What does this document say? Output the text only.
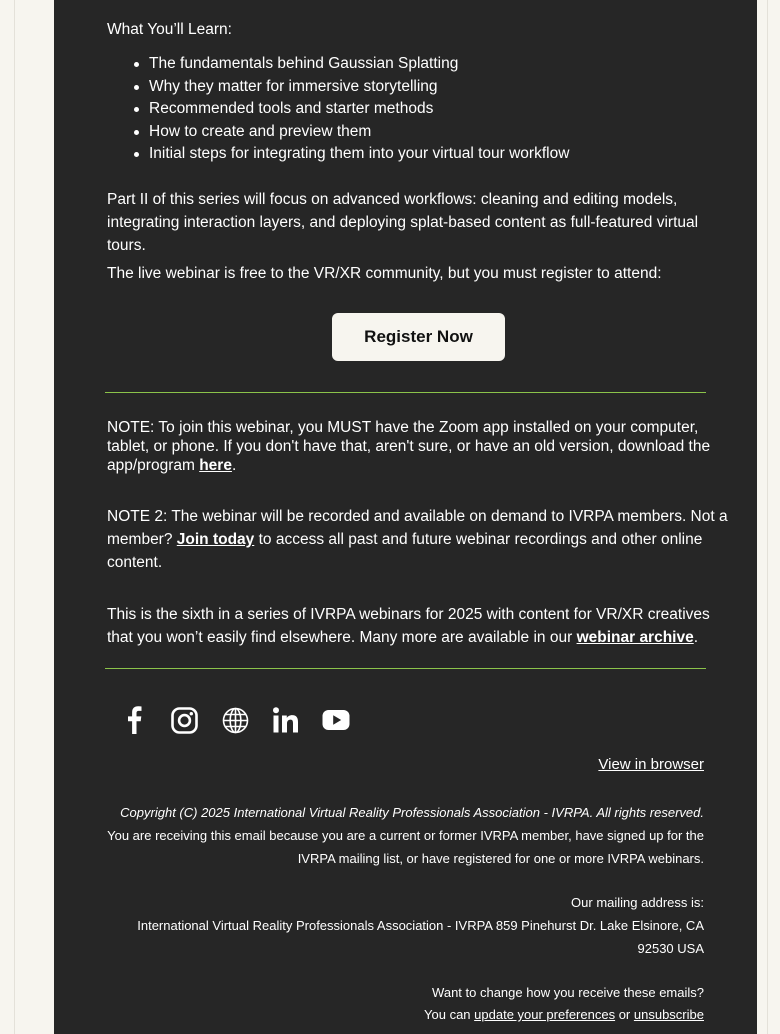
What You’ll Learn:

The fundamentals behind Gaussian Splatting
Why they matter for immersive storytelling
Recommended tools and starter methods
How to create and preview them
Initial steps for integrating them into your virtual tour workflow

Part II of this series will focus on advanced workflows: cleaning and editing models, integrating interaction layers, and deploying splat-based content as full-featured virtual tours.

The live webinar is free to the VR/XR community, but you must register to attend:

Register Now

NOTE: To join this webinar, you MUST have the Zoom app installed on your computer, tablet, or phone. If you don't have that, aren't sure, or have an old version, download the app/program here.

NOTE 2: The webinar will be recorded and available on demand to IVRPA members. Not a member? Join today to access all past and future webinar recordings and other online content.

This is the sixth in a series of IVRPA webinars for 2025 with content for VR/XR creatives that you won’t easily find elsewhere. Many more are available in our webinar archive.

View in browser
Copyright (C) 2025 International Virtual Reality Professionals Association - IVRPA. All rights reserved.
You are receiving this email because you are a current or former IVRPA member, have signed up for the IVRPA mailing list, or have registered for one or more IVRPA webinars.
Our mailing address is:
International Virtual Reality Professionals Association - IVRPA 859 Pinehurst Dr. Lake Elsinore, CA 92530 USA
Want to change how you receive these emails?
You can update your preferences or unsubscribe
